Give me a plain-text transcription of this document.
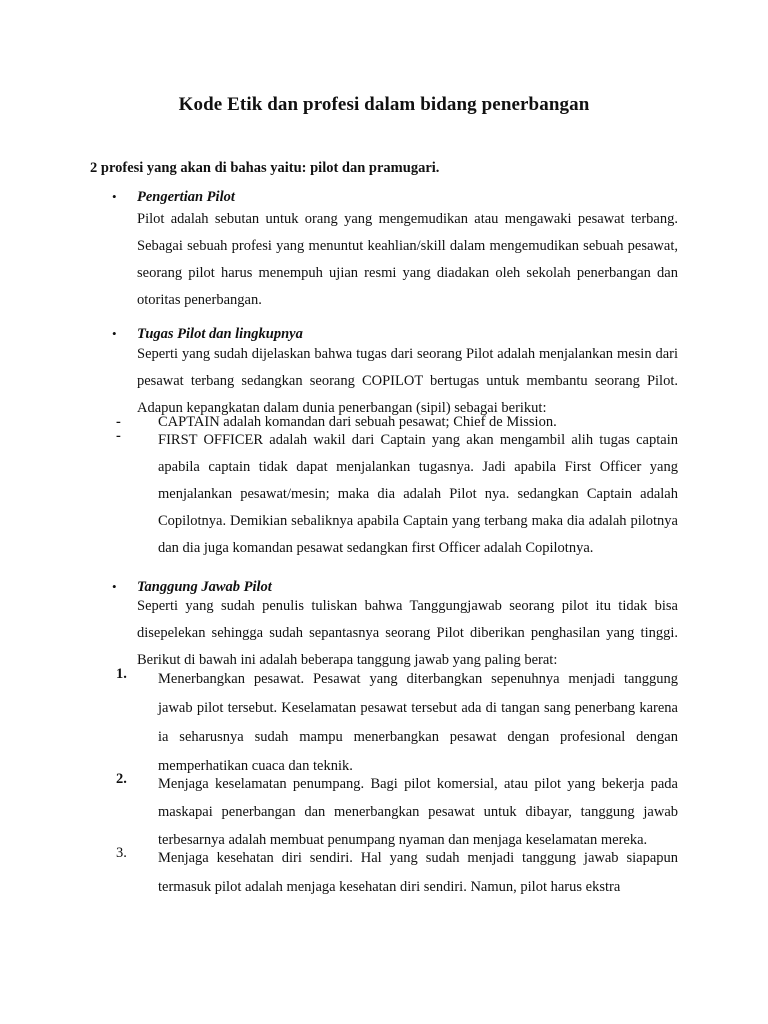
Kode Etik dan profesi dalam bidang penerbangan
2 profesi yang akan di bahas yaitu: pilot dan pramugari.
• Pengertian Pilot
Pilot adalah sebutan untuk orang yang mengemudikan atau mengawaki pesawat terbang. Sebagai sebuah profesi yang menuntut keahlian/skill dalam mengemudikan sebuah pesawat, seorang pilot harus menempuh ujian resmi yang diadakan oleh sekolah penerbangan dan otoritas penerbangan.
• Tugas Pilot dan lingkupnya
Seperti yang sudah dijelaskan bahwa tugas dari seorang Pilot adalah menjalankan mesin dari pesawat terbang sedangkan seorang COPILOT bertugas untuk membantu seorang Pilot. Adapun kepangkatan dalam dunia penerbangan (sipil) sebagai berikut:
-	CAPTAIN adalah komandan dari sebuah pesawat; Chief de Mission.
-	FIRST OFFICER adalah wakil dari Captain yang akan mengambil alih tugas captain apabila captain tidak dapat menjalankan tugasnya. Jadi apabila First Officer yang menjalankan pesawat/mesin; maka dia adalah Pilot nya. sedangkan Captain adalah Copilotnya. Demikian sebaliknya apabila Captain yang terbang maka dia adalah pilotnya dan dia juga komandan pesawat sedangkan first Officer adalah Copilotnya.
• Tanggung Jawab Pilot
Seperti yang sudah penulis tuliskan bahwa Tanggungjawab seorang pilot itu tidak bisa disepelekan sehingga sudah sepantasnya seorang Pilot diberikan penghasilan yang tinggi. Berikut di bawah ini adalah beberapa tanggung jawab yang paling berat:
1.	Menerbangkan pesawat. Pesawat yang diterbangkan sepenuhnya menjadi tanggung jawab pilot tersebut. Keselamatan pesawat tersebut ada di tangan sang penerbang karena ia seharusnya sudah mampu menerbangkan pesawat dengan profesional dengan memperhatikan cuaca dan teknik.
2.	Menjaga keselamatan penumpang. Bagi pilot komersial, atau pilot yang bekerja pada maskapai penerbangan dan menerbangkan pesawat untuk dibayar, tanggung jawab terbesarnya adalah membuat penumpang nyaman dan menjaga keselamatan mereka.
3.	Menjaga kesehatan diri sendiri. Hal yang sudah menjadi tanggung jawab siapapun termasuk pilot adalah menjaga kesehatan diri sendiri. Namun, pilot harus ekstra
